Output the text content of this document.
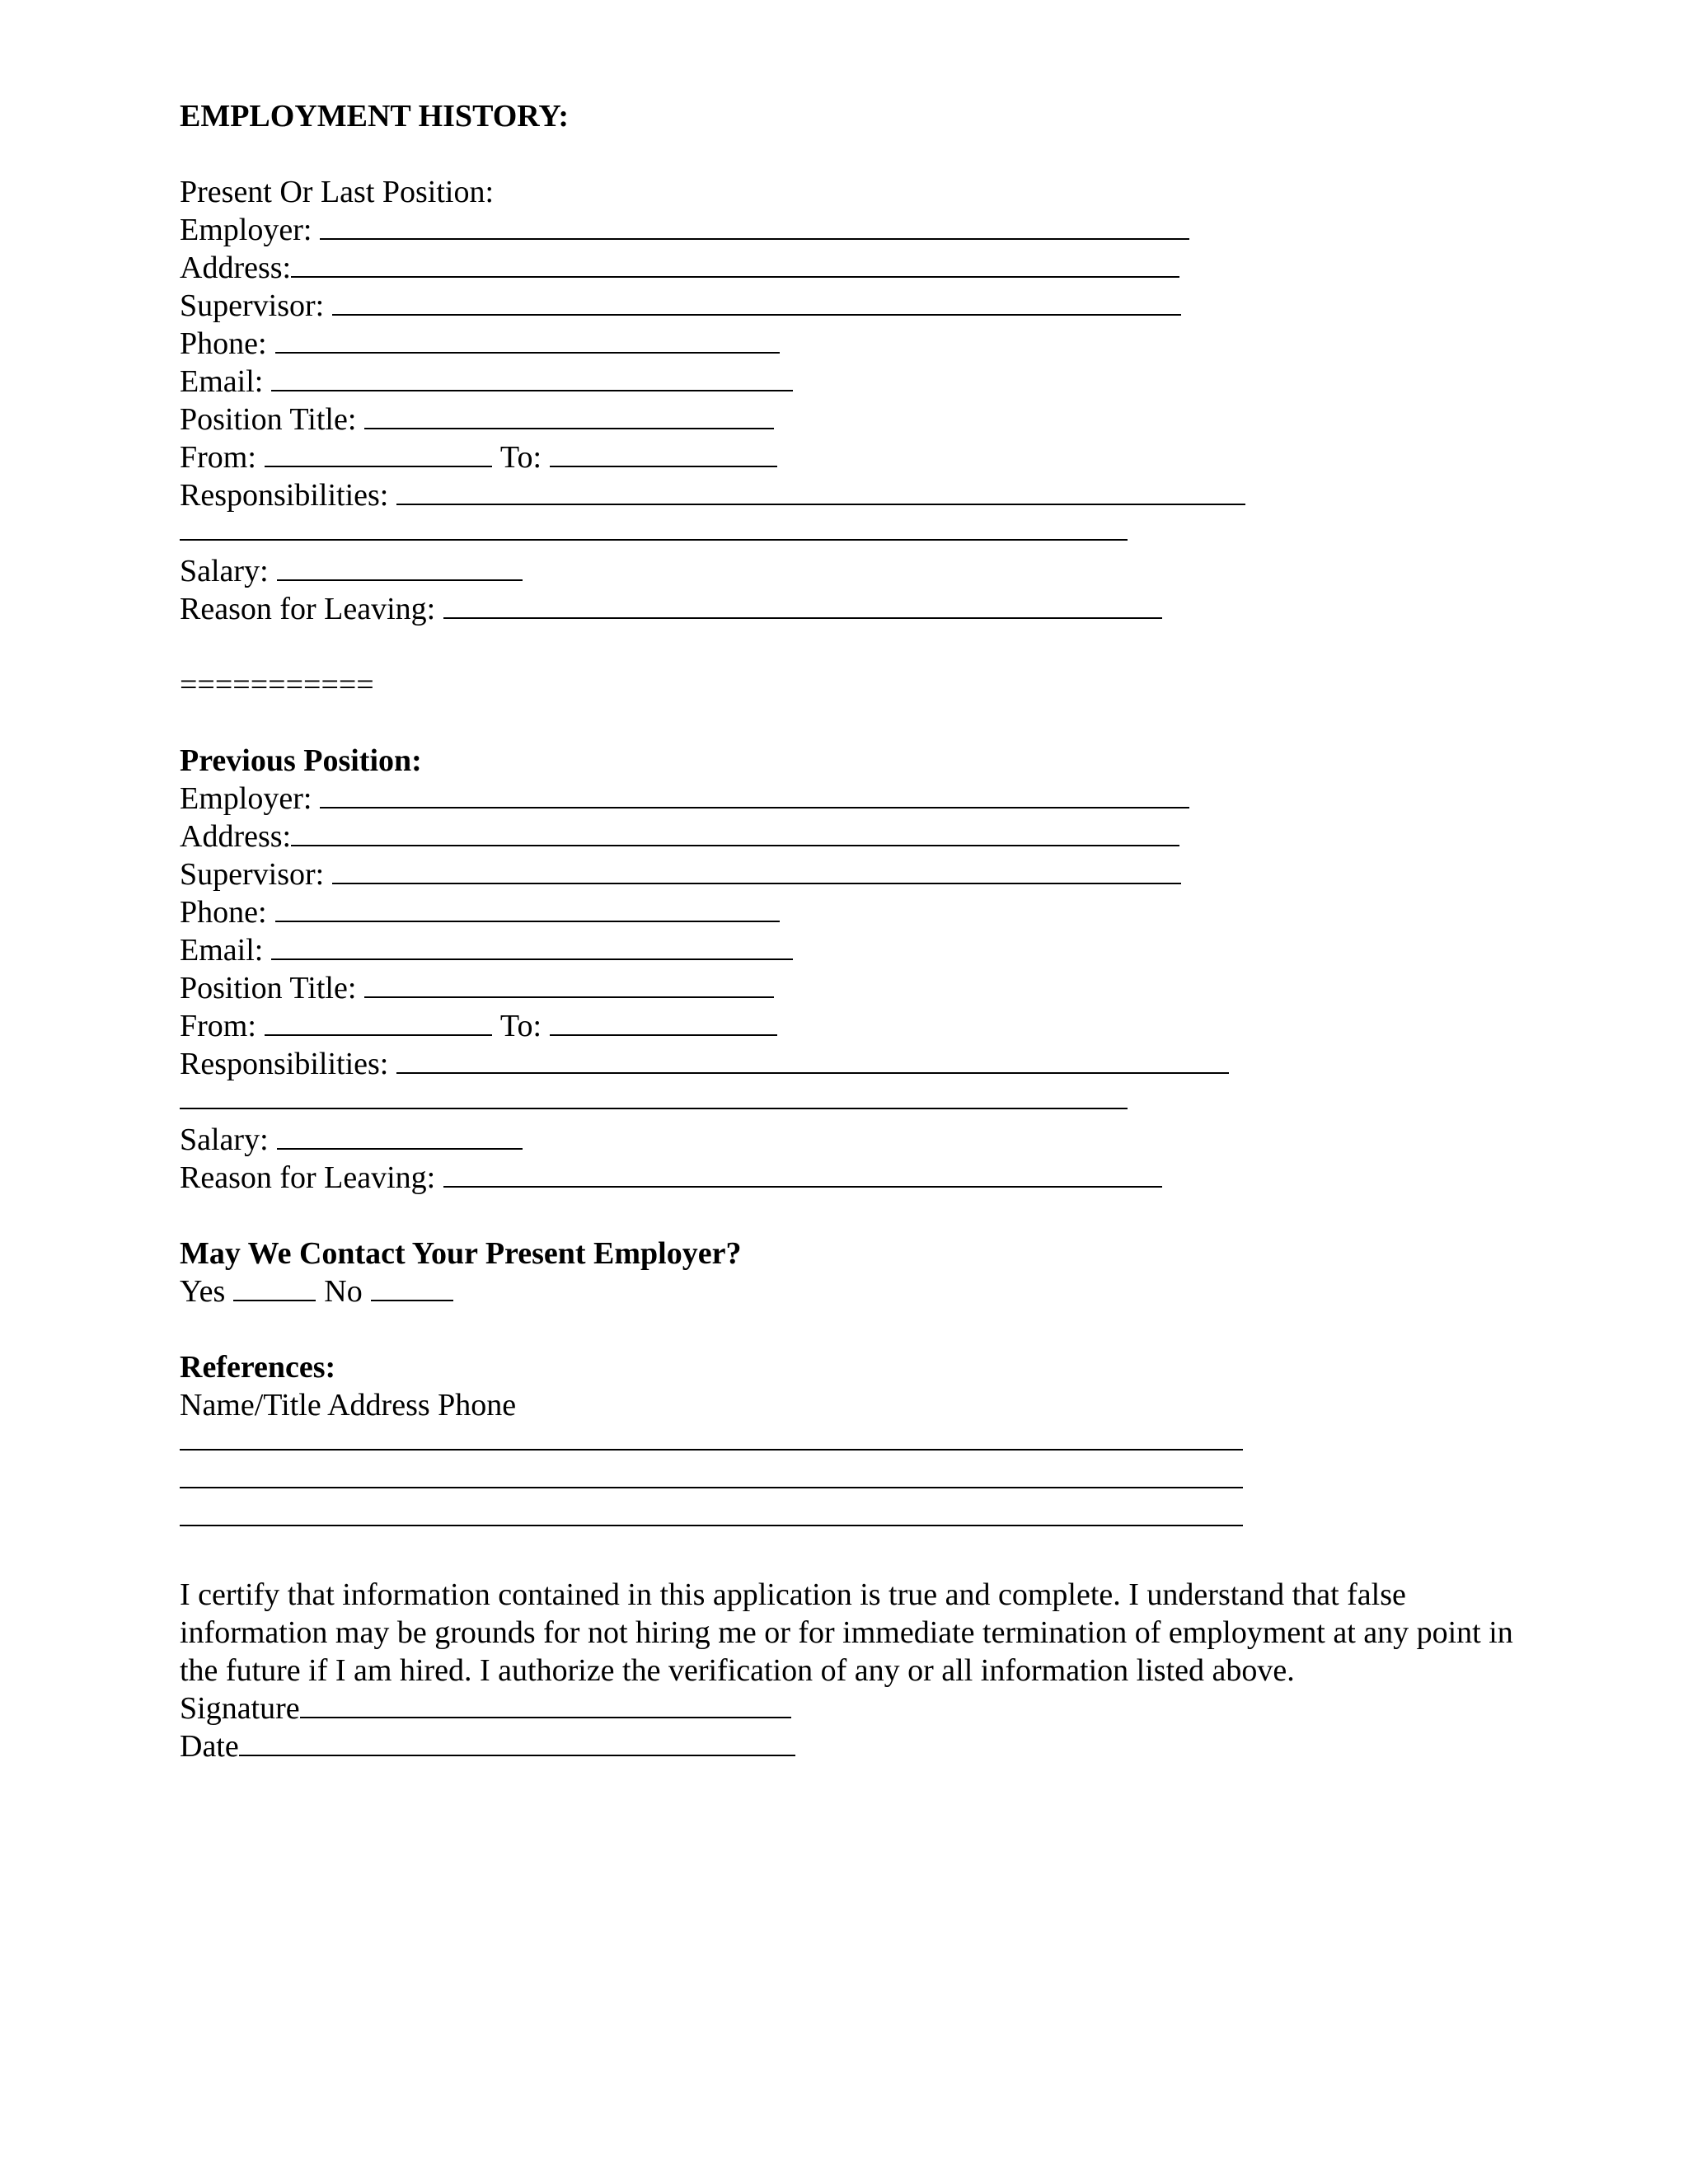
EMPLOYMENT HISTORY:
Present Or Last Position:
Employer:
Address:
Supervisor:
Phone:
Email:
Position Title:
From:	To:
Responsibilities:
Salary:
Reason for Leaving:
===========
Previous Position:
Employer:
Address:
Supervisor:
Phone:
Email:
Position Title:
From:	To:
Responsibilities:
Salary:
Reason for Leaving:
May We Contact Your Present Employer?
Yes	No
References:
Name/Title Address Phone
I certify that information contained in this application is true and complete. I understand that false information may be grounds for not hiring me or for immediate termination of employment at any point in the future if I am hired. I authorize the verification of any or all information listed above.
Signature
Date
